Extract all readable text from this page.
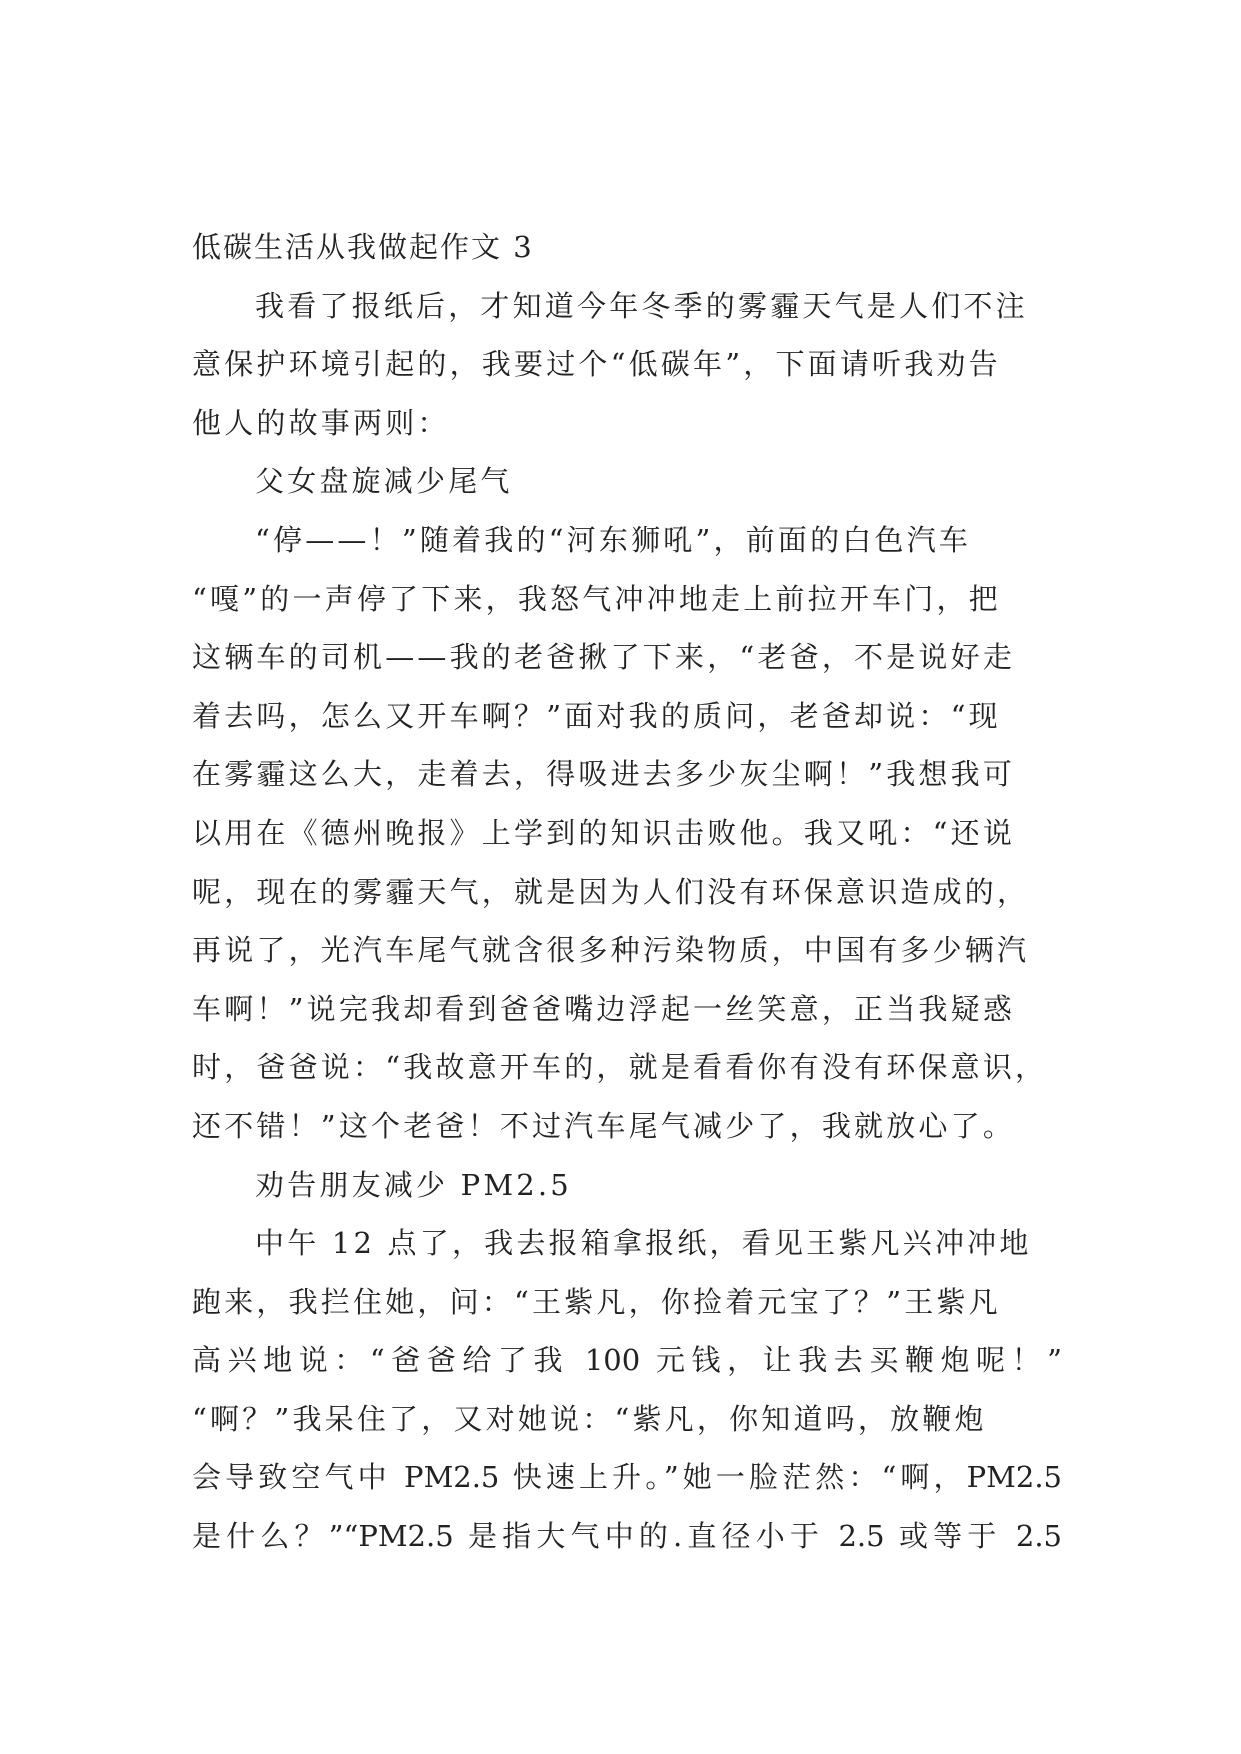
低碳生活从我做起作文 3
我看了报纸后，才知道今年冬季的雾霾天气是人们不注
意保护环境引起的，我要过个“低碳年”，下面请听我劝告
他人的故事两则：
父女盘旋减少尾气
“停——！”随着我的“河东狮吼”，前面的白色汽车
“嘎”的一声停了下来，我怒气冲冲地走上前拉开车门，把
这辆车的司机——我的老爸揪了下来，“老爸，不是说好走
着去吗，怎么又开车啊？”面对我的质问，老爸却说：“现
在雾霾这么大，走着去，得吸进去多少灰尘啊！”我想我可
以用在《德州晚报》上学到的知识击败他。我又吼：“还说
呢，现在的雾霾天气，就是因为人们没有环保意识造成的，
再说了，光汽车尾气就含很多种污染物质，中国有多少辆汽
车啊！”说完我却看到爸爸嘴边浮起一丝笑意，正当我疑惑
时，爸爸说：“我故意开车的，就是看看你有没有环保意识，
还不错！”这个老爸！不过汽车尾气减少了，我就放心了。
劝告朋友减少 PM2.5
中午 12 点了，我去报箱拿报纸，看见王紫凡兴冲冲地
跑来，我拦住她，问：“王紫凡，你捡着元宝了？”王紫凡
高兴地说：“爸爸给了我 100 元钱，让我去买鞭炮呢！”
“啊？”我呆住了，又对她说：“紫凡，你知道吗，放鞭炮
会导致空气中 PM2.5 快速上升。”她一脸茫然：“啊，PM2.5
是什么？”“PM2.5 是指大气中的.直径小于 2.5 或等于 2.5
